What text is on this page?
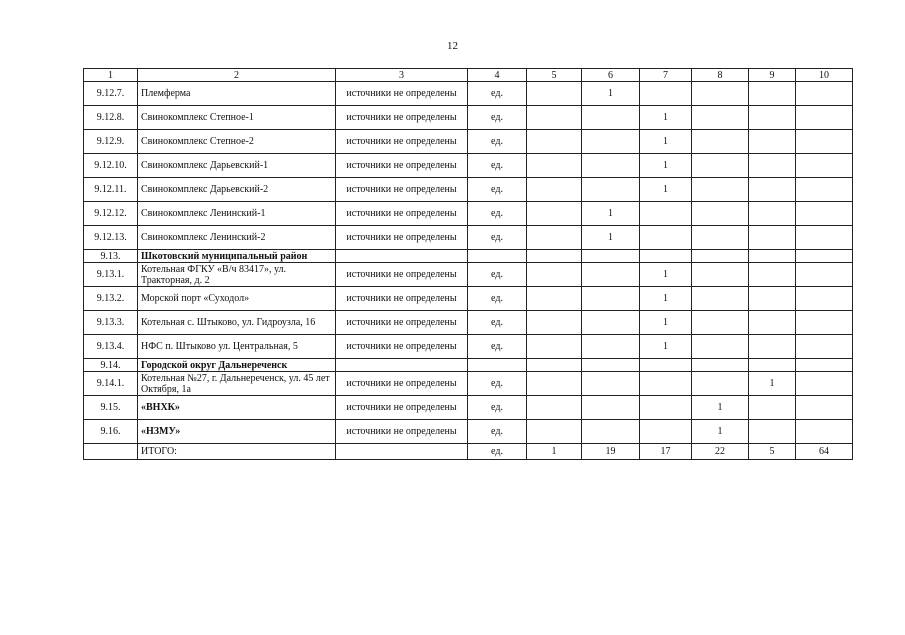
12
1	2	3	4	5	6	7	8	9	10
9.12.7.	Племферма	источники не определены	ед.		1				
9.12.8.	Свинокомплекс Степное-1	источники не определены	ед.			1			
9.12.9.	Свинокомплекс Степное-2	источники не определены	ед.			1			
9.12.10.	Свинокомплекс Дарьевский-1	источники не определены	ед.			1			
9.12.11.	Свинокомплекс Дарьевский-2	источники не определены	ед.			1			
9.12.12.	Свинокомплекс Ленинский-1	источники не определены	ед.		1				
9.12.13.	Свинокомплекс Ленинский-2	источники не определены	ед.		1				
9.13.	Шкотовский муниципальный район								
9.13.1.	Котельная ФГКУ «В/ч 83417», ул. Тракторная, д. 2	источники не определены	ед.			1			
9.13.2.	Морской порт «Суходол»	источники не определены	ед.			1			
9.13.3.	Котельная с. Штыково, ул. Гидроузла, 16	источники не определены	ед.			1			
9.13.4.	НФС п. Штыково ул. Центральная, 5	источники не определены	ед.			1			
9.14.	Городской округ Дальнереченск								
9.14.1.	Котельная №27, г. Дальнереченск, ул. 45 лет Октября, 1а	источники не определены	ед.					1	
9.15.	«ВНХК»	источники не определены	ед.				1		
9.16.	«НЗМУ»	источники не определены	ед.				1		
	ИТОГО:		ед.	1	19	17	22	5	64
